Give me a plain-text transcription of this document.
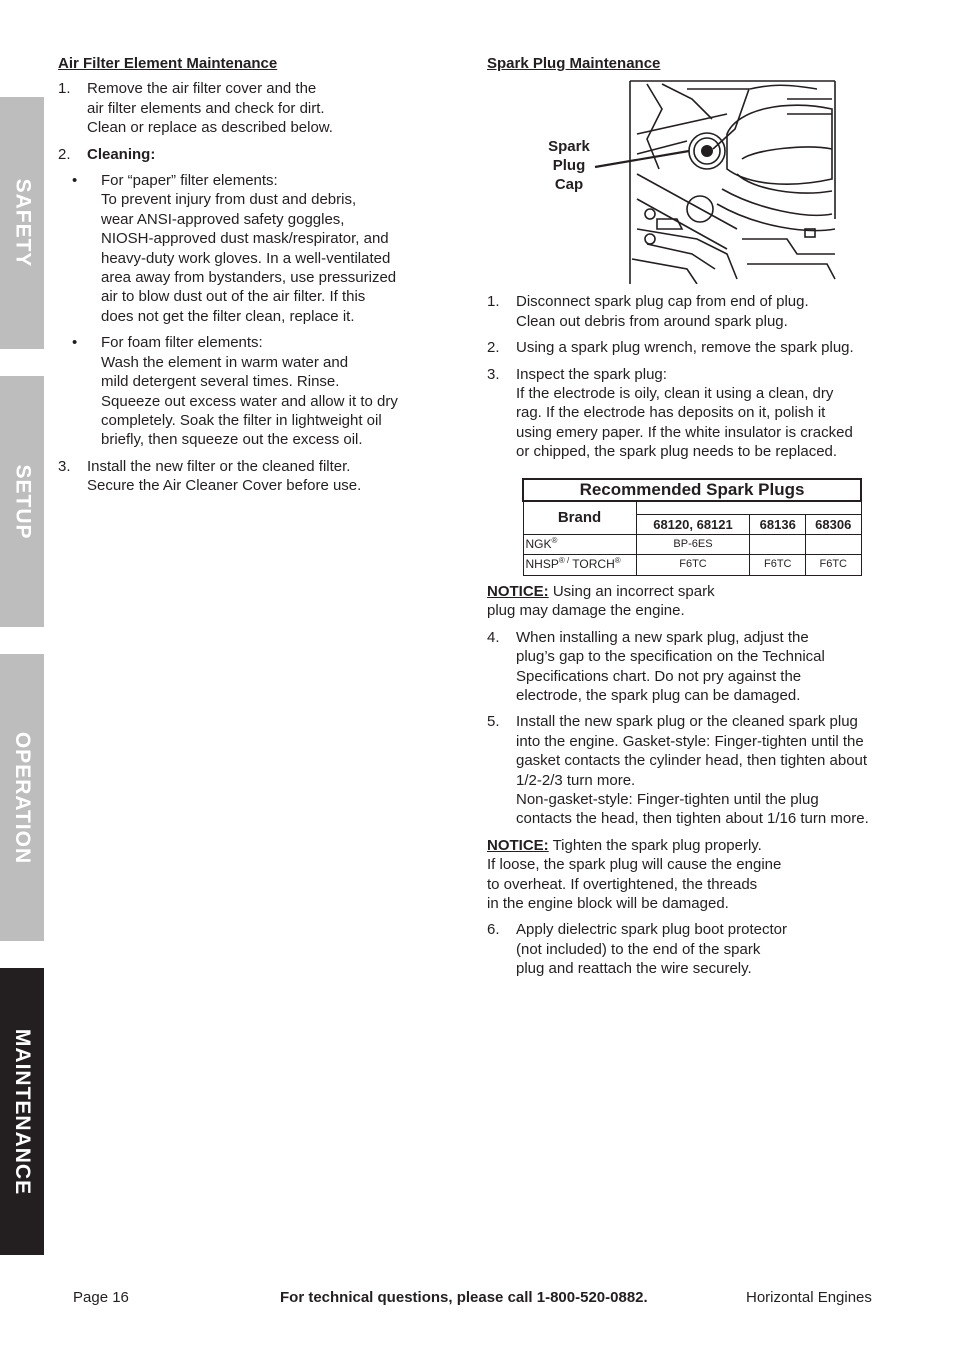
SAFETY
SETUP
OPERATION
MAINTENANCE
Air Filter Element Maintenance
1. Remove the air filter cover and the
air filter elements and check for dirt.
Clean or replace as described below.
2. Cleaning:
• For “paper” filter elements:
To prevent injury from dust and debris,
wear ANSI-approved safety goggles,
NIOSH-approved dust mask/respirator, and
heavy-duty work gloves. In a well-ventilated
area away from bystanders, use pressurized
air to blow dust out of the air filter. If this
does not get the filter clean, replace it.
• For foam filter elements:
Wash the element in warm water and
mild detergent several times. Rinse.
Squeeze out excess water and allow it to dry
completely. Soak the filter in lightweight oil
briefly, then squeeze out the excess oil.
3. Install the new filter or the cleaned filter.
Secure the Air Cleaner Cover before use.
Spark Plug Maintenance
Spark
Plug
Cap
1. Disconnect spark plug cap from end of plug.
Clean out debris from around spark plug.
2. Using a spark plug wrench, remove the spark plug.
3. Inspect the spark plug:
If the electrode is oily, clean it using a clean, dry
rag. If the electrode has deposits on it, polish it
using emery paper. If the white insulator is cracked
or chipped, the spark plug needs to be replaced.
Recommended Spark Plugs			
Brand			
	68120, 68121	68136	68306
NGK®	BP-6ES		
NHSP® / TORCH®	F6TC	F6TC	F6TC
NOTICE: Using an incorrect spark
plug may damage the engine.
4. When installing a new spark plug, adjust the
plug’s gap to the specification on the Technical
Specifications chart. Do not pry against the
electrode, the spark plug can be damaged.
5. Install the new spark plug or the cleaned spark plug
into the engine. Gasket-style: Finger-tighten until the
gasket contacts the cylinder head, then tighten about
1/2-2/3 turn more.
Non-gasket-style: Finger-tighten until the plug
contacts the head, then tighten about 1/16 turn more.
NOTICE: Tighten the spark plug properly.
If loose, the spark plug will cause the engine
to overheat. If overtightened, the threads
in the engine block will be damaged.
6. Apply dielectric spark plug boot protector
(not included) to the end of the spark
plug and reattach the wire securely.
Page 16	For technical questions, please call 1-800-520-0882.	Horizontal Engines
